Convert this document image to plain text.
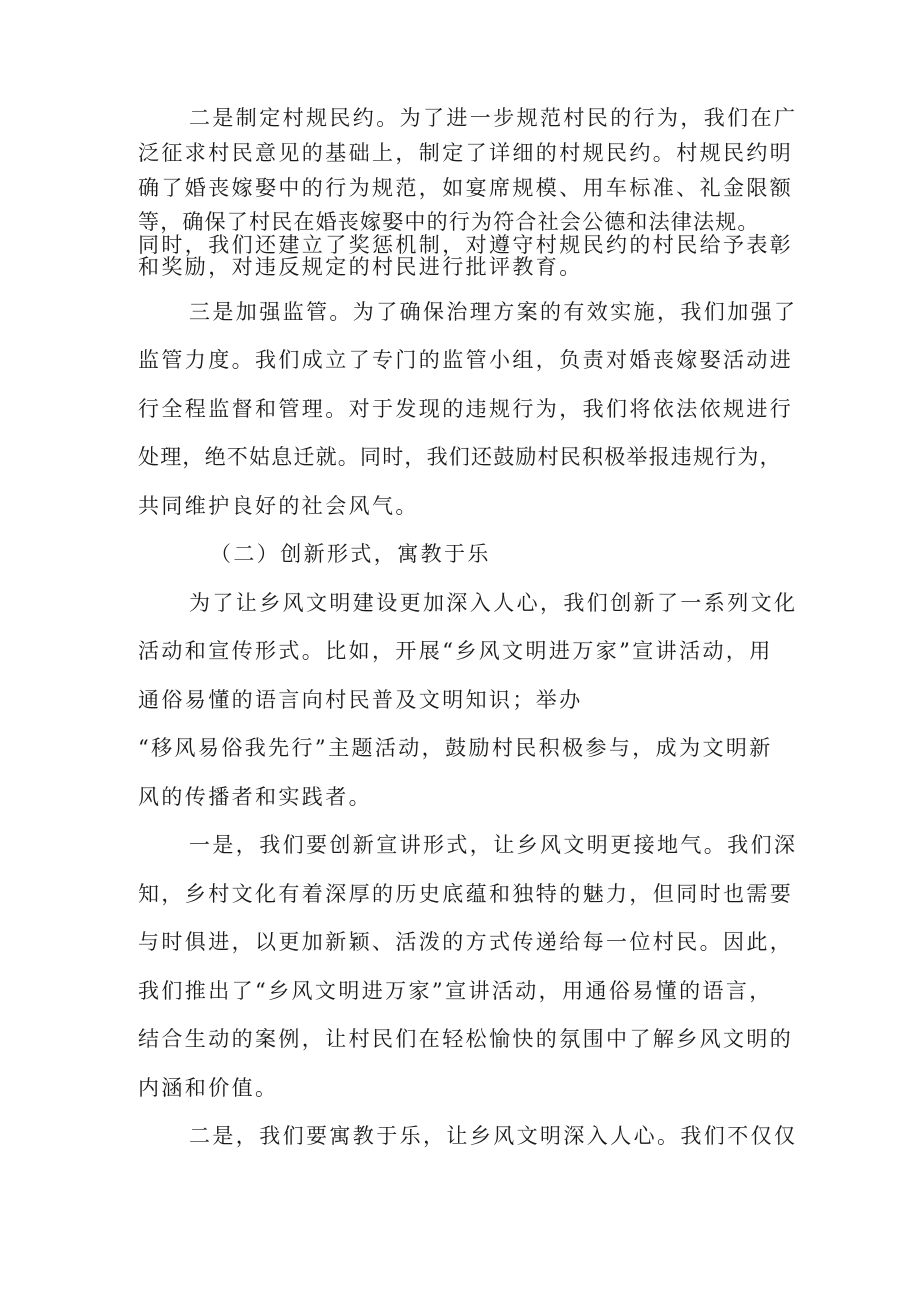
二是制定村规民约。为了进一步规范村民的行为，我们在广
泛征求村民意见的基础上，制定了详细的村规民约。村规民约明
确了婚丧嫁娶中的行为规范，如宴席规模、用车标准、礼金限额
等，确保了村民在婚丧嫁娶中的行为符合社会公德和法律法规。
同时，我们还建立了奖惩机制，对遵守村规民约的村民给予表彰
和奖励，对违反规定的村民进行批评教育。
三是加强监管。为了确保治理方案的有效实施，我们加强了
监管力度。我们成立了专门的监管小组，负责对婚丧嫁娶活动进
行全程监督和管理。对于发现的违规行为，我们将依法依规进行
处理，绝不姑息迁就。同时，我们还鼓励村民积极举报违规行为，
共同维护良好的社会风气。
（二）创新形式，寓教于乐
为了让乡风文明建设更加深入人心，我们创新了一系列文化
活动和宣传形式。比如，开展“乡风文明进万家”宣讲活动，用
通俗易懂的语言向村民普及文明知识；举办
“移风易俗我先行”主题活动，鼓励村民积极参与，成为文明新
风的传播者和实践者。
一是，我们要创新宣讲形式，让乡风文明更接地气。我们深
知，乡村文化有着深厚的历史底蕴和独特的魅力，但同时也需要
与时俱进，以更加新颖、活泼的方式传递给每一位村民。因此，
我们推出了“乡风文明进万家”宣讲活动，用通俗易懂的语言，
结合生动的案例，让村民们在轻松愉快的氛围中了解乡风文明的
内涵和价值。
二是，我们要寓教于乐，让乡风文明深入人心。我们不仅仅
